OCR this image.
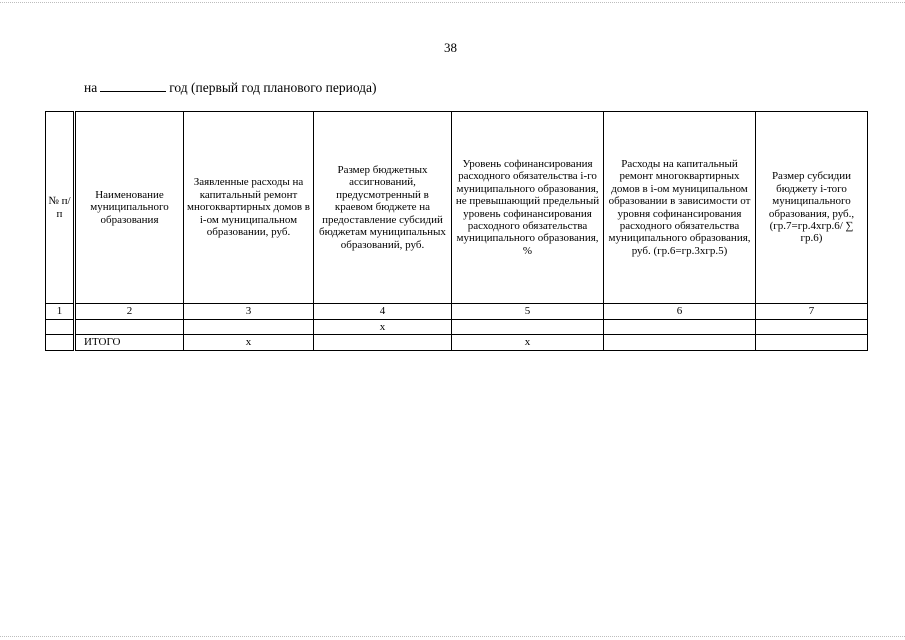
38
на	год (первый год планового периода)
№ п/п	Наименование муниципального образования	Заявленные расходы на капитальный ремонт многоквартирных домов в i-ом муниципальном образовании, руб.	Размер бюджетных ассигнований, предусмотренный в краевом бюджете на предоставление субсидий бюджетам муниципальных образований, руб.	Уровень софинансирования расходного обязательства i-го муниципального образования, не превышающий предельный уровень софинансирования расходного обязательства муниципального образования, %	Расходы на капитальный ремонт многоквартирных домов в i-ом муниципальном образовании в зависимости от уровня софинансирования расходного обязательства муниципального образования, руб. (гр.6=гр.3хгр.5)	Размер субсидии бюджету i-того муниципального образования, руб., (гр.7=гр.4хгр.6/ ∑ гр.6)
1	2	3	4	5	6	7
			х			
	ИТОГО	х		х		
